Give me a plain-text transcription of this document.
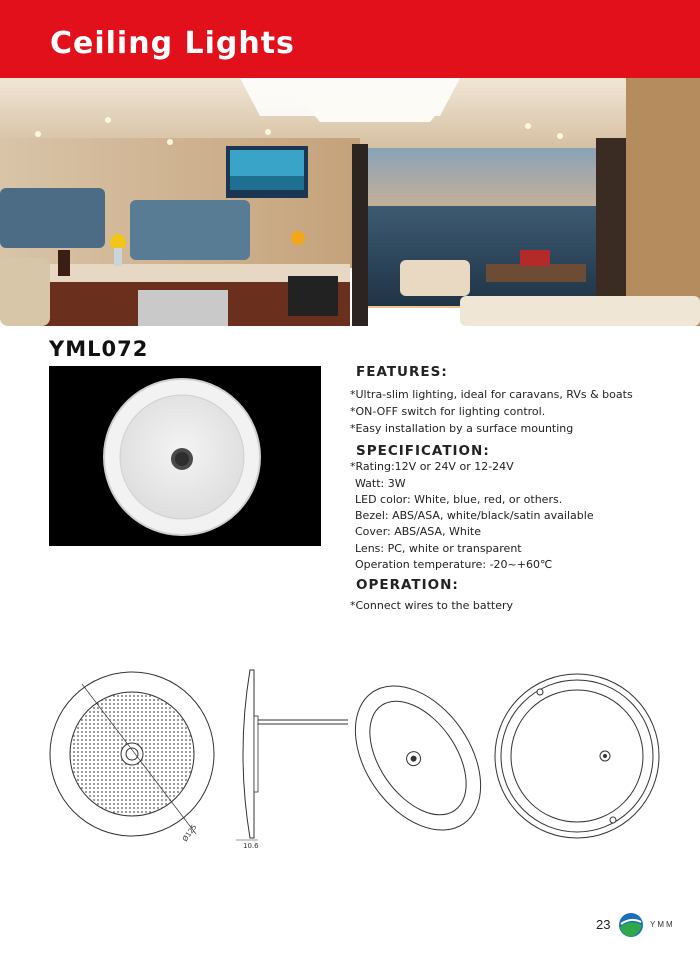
Ceiling Lights
YML072
FEATURES:
*Ultra-slim lighting, ideal for caravans, RVs & boats
*ON-OFF switch for lighting control.
*Easy installation by a surface mounting
SPECIFICATION:
*Rating:12V or 24V or 12-24V
Watt: 3W
LED color: White, blue, red, or others.
Bezel: ABS/ASA, white/black/satin available
Cover: ABS/ASA, White
Lens: PC, white or transparent
Operation temperature: -20~+60℃
OPERATION:
*Connect wires to the battery
Ø125
10.6
23	YMM
